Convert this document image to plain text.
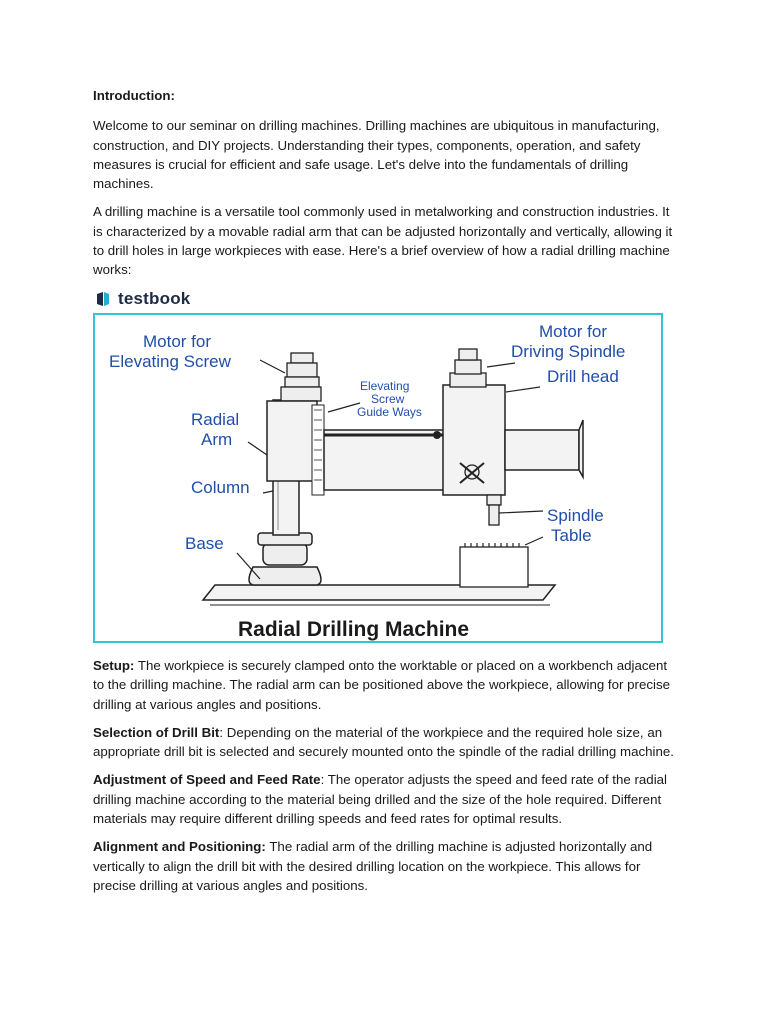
Introduction:

Welcome to our seminar on drilling machines. Drilling machines are ubiquitous in manufacturing, construction, and DIY projects. Understanding their types, components, operation, and safety measures is crucial for efficient and safe usage. Let's delve into the fundamentals of drilling machines.

A drilling machine is a versatile tool commonly used in metalworking and construction industries. It is characterized by a movable radial arm that can be adjusted horizontally and vertically, allowing it to drill holes in large workpieces with ease. Here's a brief overview of how a radial drilling machine works:

testbook
Motor for
Elevating Screw
Motor for
Driving Spindle
Drill head
Elevating
Screw
Guide Ways
Radial
Arm
Column
Base
Spindle
Table
Radial Drilling Machine

Setup: The workpiece is securely clamped onto the worktable or placed on a workbench adjacent to the drilling machine. The radial arm can be positioned above the workpiece, allowing for precise drilling at various angles and positions.

Selection of Drill Bit: Depending on the material of the workpiece and the required hole size, an appropriate drill bit is selected and securely mounted onto the spindle of the radial drilling machine.

Adjustment of Speed and Feed Rate: The operator adjusts the speed and feed rate of the radial drilling machine according to the material being drilled and the size of the hole required. Different materials may require different drilling speeds and feed rates for optimal results.

Alignment and Positioning: The radial arm of the drilling machine is adjusted horizontally and vertically to align the drill bit with the desired drilling location on the workpiece. This allows for precise drilling at various angles and positions.
